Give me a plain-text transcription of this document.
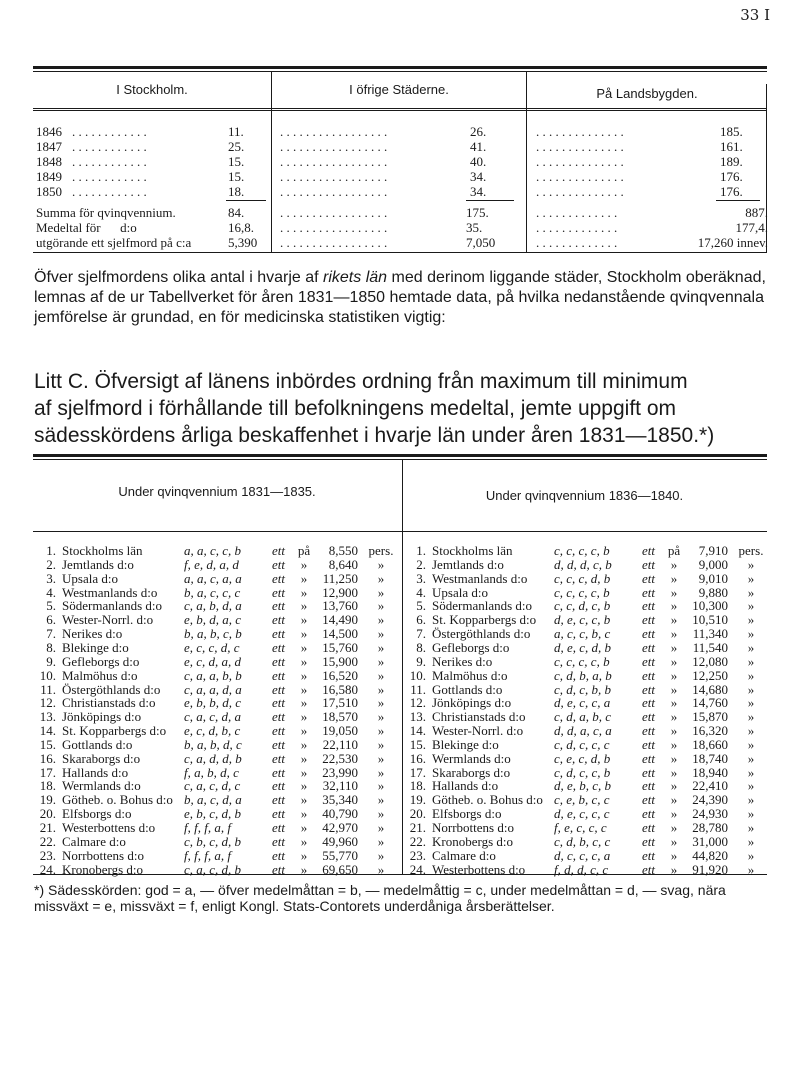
33 I
I Stockholm.	I öfrige Städerne.	På Landsbygden.
1846 . . . . . . . . . . . .	11.	. . . . . . . . . . . . . . . . .	26.	. . . . . . . . . . . . . .	185.
1847 . . . . . . . . . . . .	25.	. . . . . . . . . . . . . . . . .	41.	. . . . . . . . . . . . . .	161.
1848 . . . . . . . . . . . .	15.	. . . . . . . . . . . . . . . . .	40.	. . . . . . . . . . . . . .	189.
1849 . . . . . . . . . . . .	15.	. . . . . . . . . . . . . . . . .	34.	. . . . . . . . . . . . . .	176.
1850 . . . . . . . . . . . .	18.	. . . . . . . . . . . . . . . . .	34.	. . . . . . . . . . . . . .	176.
Summa för qvinqvennium.	84.	. . . . . . . . . . . . . . . . .	175.	. . . . . . . . . . . . .	887.
Medeltal för      d:o	16,8.	. . . . . . . . . . . . . . . . .	35.	. . . . . . . . . . . . .	177,4.
utgörande ett sjelfmord på c:a	5,390	. . . . . . . . . . . . . . . . .	7,050	. . . . . . . . . . . . .	17,260 innev.
Öfver sjelfmordens olika antal i hvarje af rikets län med derinom liggande städer, Stockholm oberäknad, lemnas af de ur Tabellverket för åren 1831—1850 hemtade data, på hvilka nedanstående qvinqvennala jemförelse är grundad, en för medicinska statistiken vigtig:
Litt C. Öfversigt af länens inbördes ordning från maximum till minimum
af sjelfmord i förhållande till befolkningens medeltal, jemte uppgift om
sädesskördens årliga beskaffenhet i hvarje län under åren 1831—1850.*)
Under qvinqvennium 1831—1835.	Under qvinqvennium 1836—1840.
1. Stockholms län	a, a, c, c, b	ett på	8,550 pers.
2. Jemtlands d:o	f, e, d, a, d	ett	»	8,640	»
3. Upsala d:o	a, a, c, a, a	ett	»	11,250	»
4. Westmanlands d:o	b, a, c, c, c	ett	»	12,900	»
5. Södermanlands d:o	c, a, b, d, a	ett	»	13,760	»
6. Wester-Norrl. d:o	e, b, d, a, c	ett	»	14,490	»
7. Nerikes d:o	b, a, b, c, b	ett	»	14,500	»
8. Blekinge d:o	e, c, c, d, c	ett	»	15,760	»
9. Gefleborgs d:o	e, c, d, a, d	ett	»	15,900	»
10. Malmöhus d:o	c, a, a, b, b	ett	»	16,520	»
11. Östergöthlands d:o	c, a, a, d, a	ett	»	16,580	»
12. Christianstads d:o	e, b, b, d, c	ett	»	17,510	»
13. Jönköpings d:o	c, a, c, d, a	ett	»	18,570	»
14. St. Kopparbergs d:o	e, c, d, b, c	ett	»	19,050	»
15. Gottlands d:o	b, a, b, d, c	ett	»	22,110	»
16. Skaraborgs d:o	c, a, d, d, b	ett	»	22,530	»
17. Hallands d:o	f, a, b, d, c	ett	»	23,990	»
18. Wermlands d:o	c, a, c, d, c	ett	»	32,110	»
19. Götheb. o. Bohus d:o b, a, c, d, a	ett	»	35,340	»
20. Elfsborgs d:o	e, b, c, d, b	ett	»	40,790	»
21. Westerbottens d:o	f, f, f, a, f	ett	»	42,970	»
22. Calmare d:o	c, b, c, d, b	ett	»	49,960	»
23. Norrbottens d:o	f, f, f, a, f	ett	»	55,770	»
24. Kronobergs d:o	c, a, c, d, b	ett	»	69,650	»
1. Stockholms län	c, c, c, c, b	ett på	7,910 pers.
2. Jemtlands d:o	d, d, d, c, b	ett	»	9,000	»
3. Westmanlands d:o	c, c, c, d, b	ett	»	9,010	»
4. Upsala d:o	c, c, c, c, b	ett	»	9,880	»
5. Södermanlands d:o	c, c, d, c, b	ett	»	10,300	»
6. St. Kopparbergs d:o	d, e, c, c, b	ett	»	10,510	»
7. Östergöthlands d:o	a, c, c, b, c	ett	»	11,340	»
8. Gefleborgs d:o	d, e, c, d, b	ett	»	11,540	»
9. Nerikes d:o	c, c, c, c, b	ett	»	12,080	»
10. Malmöhus d:o	c, d, b, a, b	ett	»	12,250	»
11. Gottlands d:o	c, d, c, b, b	ett	»	14,680	»
12. Jönköpings d:o	d, e, c, c, a	ett	»	14,760	»
13. Christianstads d:o	c, d, a, b, c	ett	»	15,870	»
14. Wester-Norrl. d:o	d, d, a, c, a	ett	»	16,320	»
15. Blekinge d:o	c, d, c, c, c	ett	»	18,660	»
16. Wermlands d:o	c, e, c, d, b	ett	»	18,740	»
17. Skaraborgs d:o	c, d, c, c, b	ett	»	18,940	»
18. Hallands d:o	d, e, b, c, b	ett	»	22,410	»
19. Götheb. o. Bohus d:o c, e, b, c, c	ett	»	24,390	»
20. Elfsborgs d:o	d, e, c, c, c	ett	»	24,930	»
21. Norrbottens d:o	f, e, c, c, c	ett	»	28,780	»
22. Kronobergs d:o	c, d, b, c, c	ett	»	31,000	»
23. Calmare d:o	d, c, c, c, a	ett	»	44,820	»
24. Westerbottens d:o	f, d, d, c, c	ett	»	91,920	»
*) Sädesskörden: god = a, — öfver medelmåttan = b, — medelmåttig = c, under medelmåttan = d, — svag, nära missväxt = e, missväxt = f, enligt Kongl. Stats-Contorets underdåniga årsberättelser.
